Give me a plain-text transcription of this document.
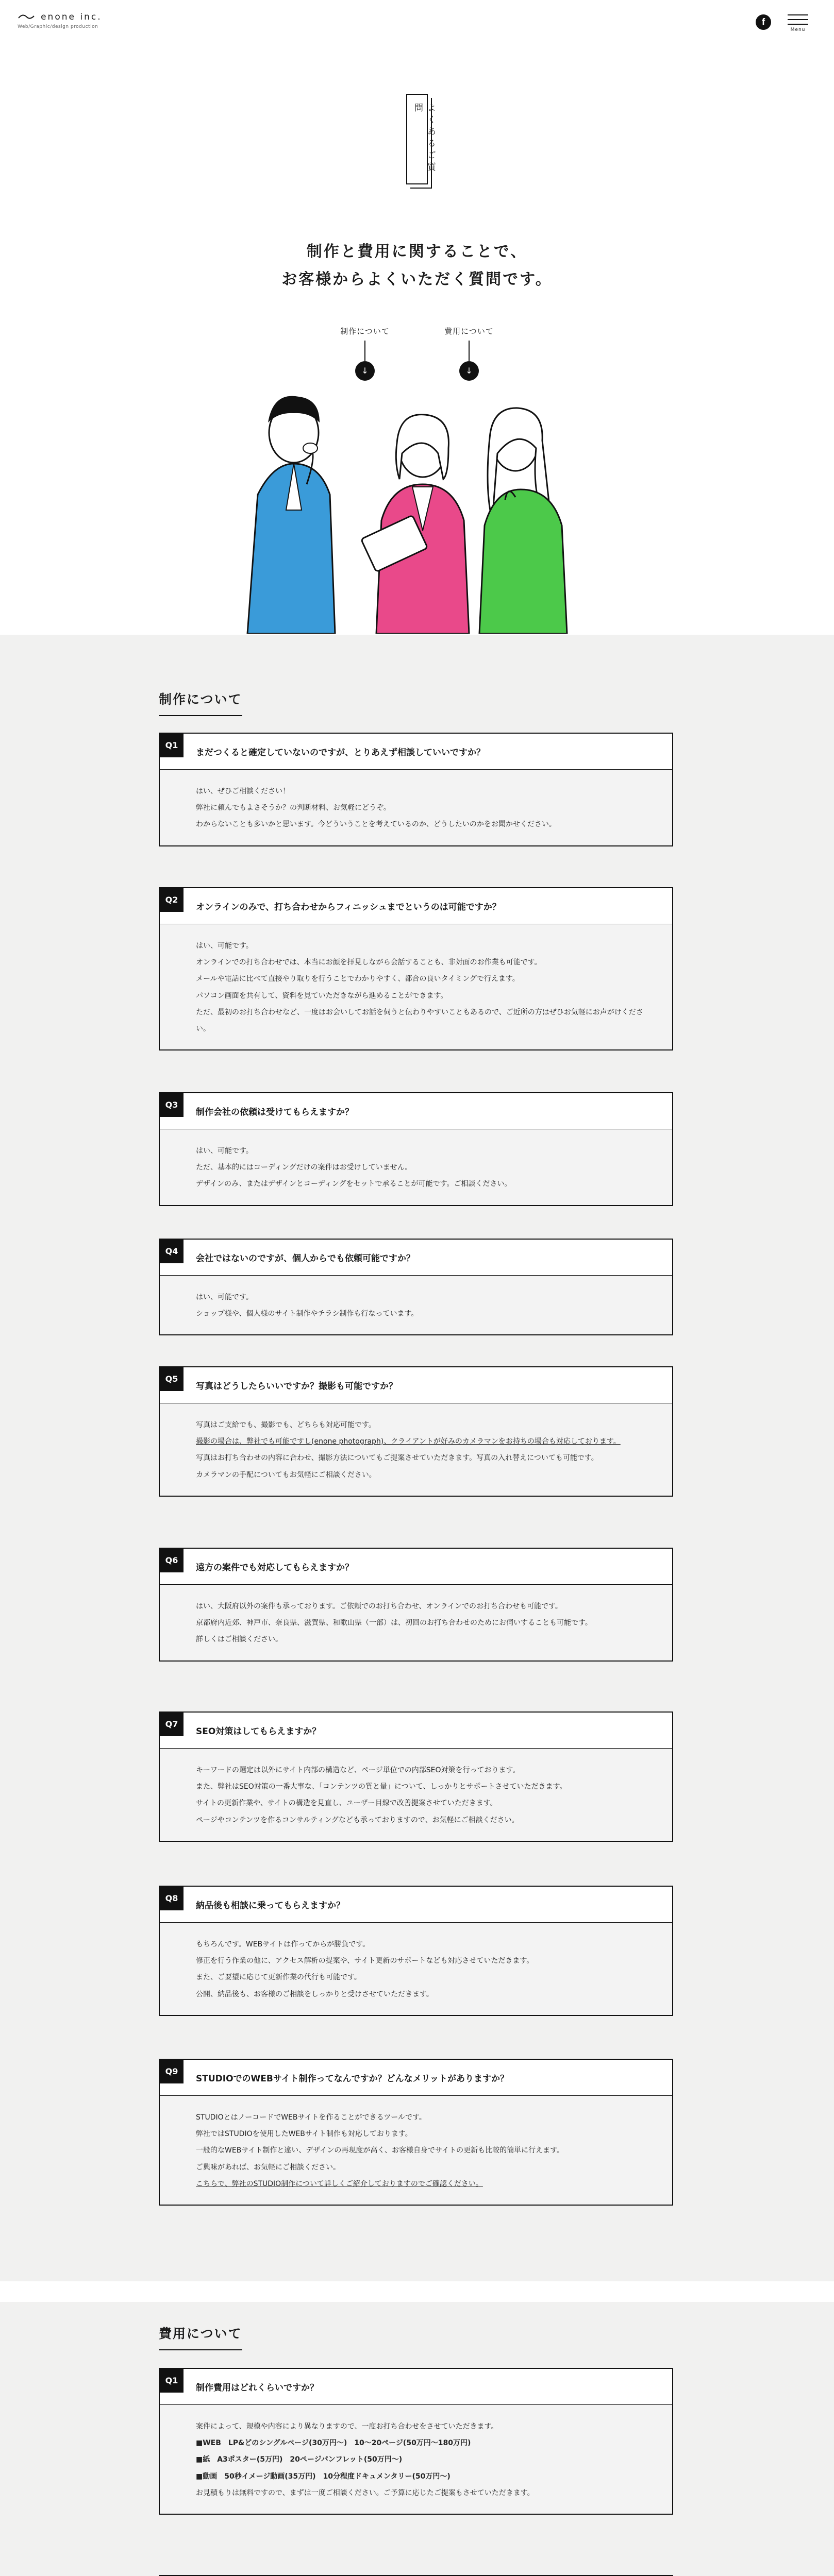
enone inc.
Web/Graphic/design production	f
Menu
よくあるご質問
制作と費用に関することで、
お客様からよくいただく質問です。
制作について
↓
費用について
↓
制作について
Q1
まだつくると確定していないのですが、とりあえず相談していいですか？

はい、ぜひご相談ください！

弊社に頼んでもよさそうか？の判断材料、お気軽にどうぞ。

わからないことも多いかと思います。今どういうことを考えているのか、どうしたいのかをお聞かせください。

Q2
オンラインのみで、打ち合わせからフィニッシュまでというのは可能ですか？

はい、可能です。

オンラインでの打ち合わせでは、本当にお顔を拝見しながら会話することも、非対面のお作業も可能です。

メールや電話に比べて直接やり取りを行うことでわかりやすく、都合の良いタイミングで行えます。

パソコン画面を共有して、資料を見ていただきながら進めることができます。

ただ、最初のお打ち合わせなど、一度はお会いしてお話を伺うと伝わりやすいこともあるので、ご近所の方はぜひお気軽にお声がけください。

Q3
制作会社の依頼は受けてもらえますか？

はい、可能です。

ただ、基本的にはコーディングだけの案件はお受けしていません。

デザインのみ、またはデザインとコーディングをセットで承ることが可能です。ご相談ください。

Q4
会社ではないのですが、個人からでも依頼可能ですか？

はい、可能です。

ショップ様や、個人様のサイト制作やチラシ制作も行なっています。

Q5
写真はどうしたらいいですか？撮影も可能ですか？

写真はご支給でも、撮影でも、どちらも対応可能です。

撮影の場合は、弊社でも可能ですし(enone photograph)、クライアントが好みのカメラマンをお持ちの場合も対応しております。

写真はお打ち合わせの内容に合わせ、撮影方法についてもご提案させていただきます。写真の入れ替えについても可能です。

カメラマンの手配についてもお気軽にご相談ください。

Q6
遠方の案件でも対応してもらえますか？

はい、大阪府以外の案件も承っております。ご依頼でのお打ち合わせ、オンラインでのお打ち合わせも可能です。

京都府内近郊、神戸市、奈良県、滋賀県、和歌山県（一部）は、初回のお打ち合わせのためにお伺いすることも可能です。

詳しくはご相談ください。

Q7
SEO対策はしてもらえますか？

キーワードの選定は以外にサイト内部の構造など、ページ単位での内部SEO対策を行っております。

また、弊社はSEO対策の一番大事な、「コンテンツの質と量」について、しっかりとサポートさせていただきます。

サイトの更新作業や、サイトの構造を見直し、ユーザー目線で改善提案させていただきます。

ページやコンテンツを作るコンサルティングなども承っておりますので、お気軽にご相談ください。

Q8
納品後も相談に乗ってもらえますか？

もちろんです。WEBサイトは作ってからが勝負です。

修正を行う作業の他に、アクセス解析の提案や、サイト更新のサポートなども対応させていただきます。

また、ご要望に応じて更新作業の代行も可能です。

公開、納品後も、お客様のご相談をしっかりと受けさせていただきます。

Q9
STUDIOでのWEBサイト制作ってなんですか？どんなメリットがありますか？

STUDIOとはノーコードでWEBサイトを作ることができるツールです。

弊社ではSTUDIOを使用したWEBサイト制作も対応しております。

一般的なWEBサイト制作と違い、デザインの再現度が高く、お客様自身でサイトの更新も比較的簡単に行えます。

ご興味があれば、お気軽にご相談ください。

こちらで、弊社のSTUDIO制作について詳しくご紹介しておりますのでご確認ください。

費用について
Q1
制作費用はどれくらいですか？

案件によって、規模や内容により異なりますので、一度お打ち合わせをさせていただきます。

■WEB　LP&どのシングルページ(30万円〜)　10〜20ページ(50万円〜180万円)

■紙　A3ポスター(5万円)　20ページパンフレット(50万円〜)

■動画　50秒イメージ動画(35万円)　10分程度ドキュメンタリー(50万円〜)

お見積もりは無料ですので、まずは一度ご相談ください。ご予算に応じたご提案もさせていただきます。
